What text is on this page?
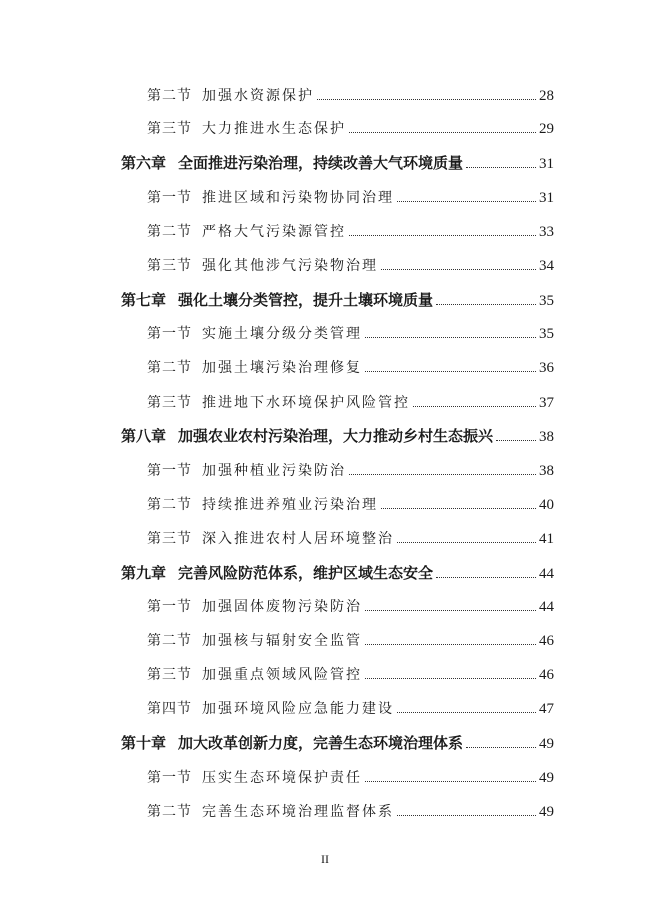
第二节 加强水资源保护	28
第三节 大力推进水生态保护	29
第六章 全面推进污染治理，持续改善大气环境质量	31
第一节 推进区域和污染物协同治理	31
第二节 严格大气污染源管控	33
第三节 强化其他涉气污染物治理	34
第七章 强化土壤分类管控，提升土壤环境质量	35
第一节 实施土壤分级分类管理	35
第二节 加强土壤污染治理修复	36
第三节 推进地下水环境保护风险管控	37
第八章 加强农业农村污染治理，大力推动乡村生态振兴	38
第一节 加强种植业污染防治	38
第二节 持续推进养殖业污染治理	40
第三节 深入推进农村人居环境整治	41
第九章 完善风险防范体系，维护区域生态安全	44
第一节 加强固体废物污染防治	44
第二节 加强核与辐射安全监管	46
第三节 加强重点领域风险管控	46
第四节 加强环境风险应急能力建设	47
第十章 加大改革创新力度，完善生态环境治理体系	49
第一节 压实生态环境保护责任	49
第二节 完善生态环境治理监督体系	49
II
